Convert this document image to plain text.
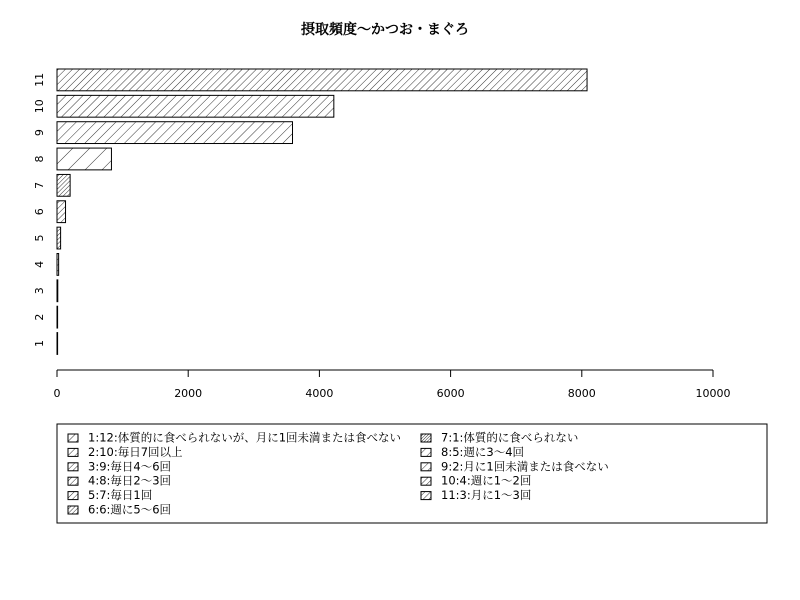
摂取頻度～かつお・まぐろ
1
2
3
4
5
6
7
8
9
10
11
0	2000	4000	6000	8000	10000
1:12:体質的に食べられないが、月に1回未満または食べない
2:10:毎日7回以上
3:9:毎日4～6回
4:8:毎日2～3回
5:7:毎日1回
6:6:週に5～6回
7:1:体質的に食べられない
8:5:週に3～4回
9:2:月に1回未満または食べない
10:4:週に1～2回
11:3:月に1～3回
